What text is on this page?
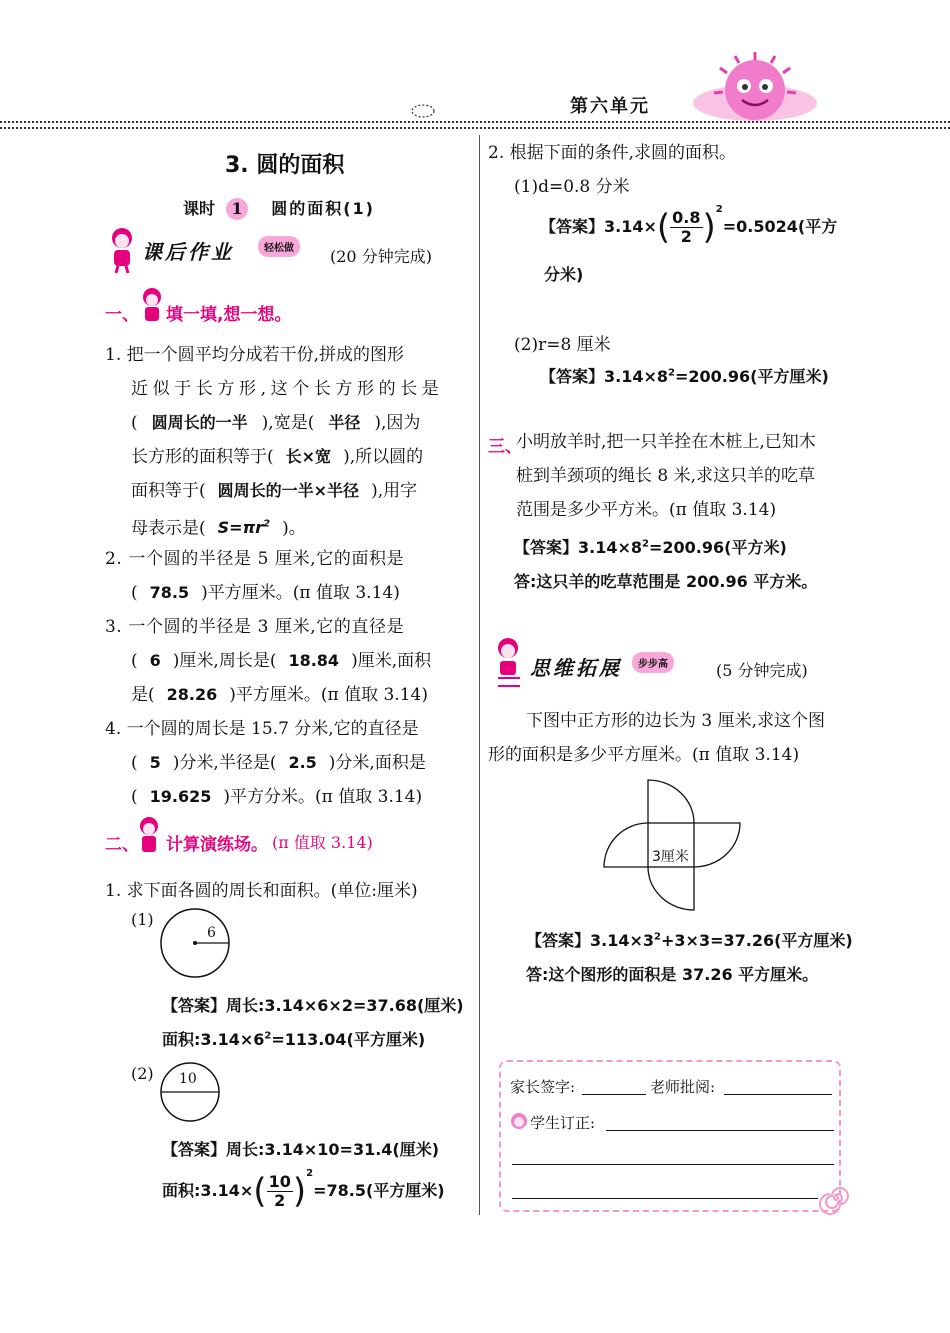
第六单元
3. 圆的面积
课时 1 圆的面积(1)
课后作业	轻松做	(20 分钟完成)
一、 填一填,想一想。
1. 把一个圆平均分成若干份,拼成的图形
近似于长方形,这个长方形的长是
( 圆周长的一半 ),宽是( 半径 ),因为
长方形的面积等于( 长×宽 ),所以圆的
面积等于( 圆周长的一半×半径 ),用字
母表示是( $S=\pi r^2$ )。
2. 一个圆的半径是 5 厘米,它的面积是
( 78.5 )平方厘米。(π 值取 3.14)
3. 一个圆的半径是 3 厘米,它的直径是
( 6 )厘米,周长是( 18.84 )厘米,面积
是( 28.26 )平方厘米。(π 值取 3.14)
4. 一个圆的周长是 15.7 分米,它的直径是
( 5 )分米,半径是( 2.5 )分米,面积是
( 19.625 )平方分米。(π 值取 3.14)
二、 计算演练场。 (π 值取 3.14)
1. 求下面各圆的周长和面积。(单位:厘米)
(1)
6
【答案】周长:3.14×6×2=37.68(厘米)
面积$:3.14\times 6^2=113.04$(平方厘米)
(2) 10
【答案】周长:3.14×10=31.4(厘米)
面积:3.14×( $\frac{10}{2} )^2=78.5$(平方厘米)
2. 根据下面的条件,求圆的面积。
(1)d=0.8 分米
【答案】$3.14\times( \frac{0.8}{2} )^2=0.5024$(平方
分米)
(2)r=8 厘米
【答案】$3.14\times 8^2=200.96$(平方厘米)
三、
小明放羊时,把一只羊拴在木桩上,已知木
桩到羊颈项的绳长 8 米,求这只羊的吃草
范围是多少平方米。(π 值取 3.14)
【答案】$3.14\times 8^2=200.96$(平方米)
答:这只羊的吃草范围是 200.96 平方米。
思维拓展	步步高	(5 分钟完成)
下图中正方形的边长为 3 厘米,求这个图
形的面积是多少平方厘米。(π 值取 3.14)
3厘米
【答案】$3.14\times 3^2+3\times 3=37.26$(平方厘米)
答:这个图形的面积是 37.26 平方厘米。
家长签字:	老师批阅:
学生订正:
